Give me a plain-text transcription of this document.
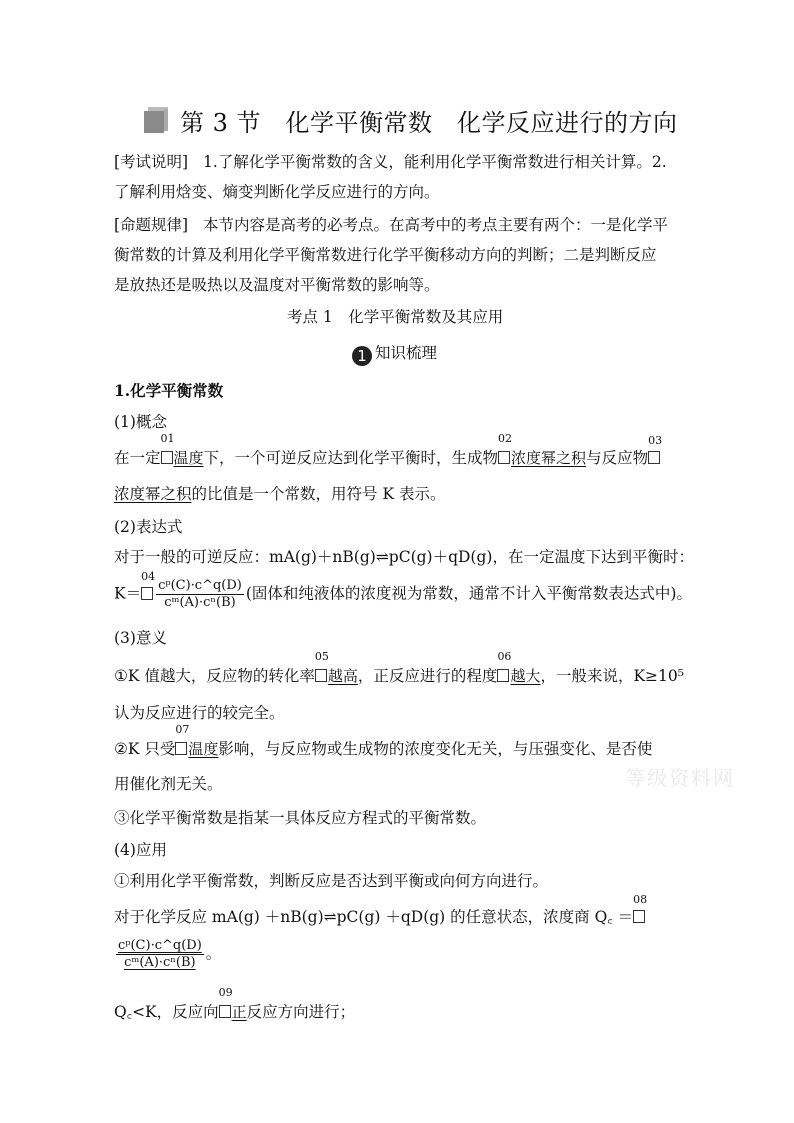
第 3 节　化学平衡常数　化学反应进行的方向
[考试说明] 1.了解化学平衡常数的含义，能利用化学平衡常数进行相关计算。2.
了解利用焓变、熵变判断化学反应进行的方向。
[命题规律] 本节内容是高考的必考点。在高考中的考点主要有两个：一是化学平
衡常数的计算及利用化学平衡常数进行化学平衡移动方向的判断；二是判断反应
是放热还是吸热以及温度对平衡常数的影响等。
考点 1　化学平衡常数及其应用
1 知识梳理
1.化学平衡常数
(1)概念
在一定
01
温度下，一个可逆反应达到化学平衡时，生成物
02
浓度幂之积与反应物
03
浓度幂之积的比值是一个常数，用符号 K 表示。
(2)表达式
对于一般的可逆反应：mA(g)＋nB(g)⇌pC(g)＋qD(g)，在一定温度下达到平衡时：
K＝
04
$\frac{\text{cᵖ(C)·c\textasciicircum{}q(D)}}{\text{cᵐ(A)·cⁿ(B)}}$ (固体和纯液体的浓度视为常数，通常不计入平衡常数表达式中)。
(3)意义
①K 值越大，反应物的转化率
05
越高，正反应进行的程度
06
越大，一般来说，K≥10⁵
认为反应进行的较完全。
②K 只受
07
温度影响，与反应物或生成物的浓度变化无关，与压强变化、是否使
用催化剂无关。
③化学平衡常数是指某一具体反应方程式的平衡常数。
(4)应用
①利用化学平衡常数，判断反应是否达到平衡或向何方向进行。
对于化学反应 mA(g) ＋nB(g)⇌pC(g) ＋qD(g) 的任意状态，浓度商 Q꜀ ＝
08
$\frac{\text{cᵖ(C)·c\textasciicircum{}q(D)}}{\text{cᵐ(A)·cⁿ(B)}}$ 。
Q꜀<K，反应向
09
正反应方向进行；
等级资料网
